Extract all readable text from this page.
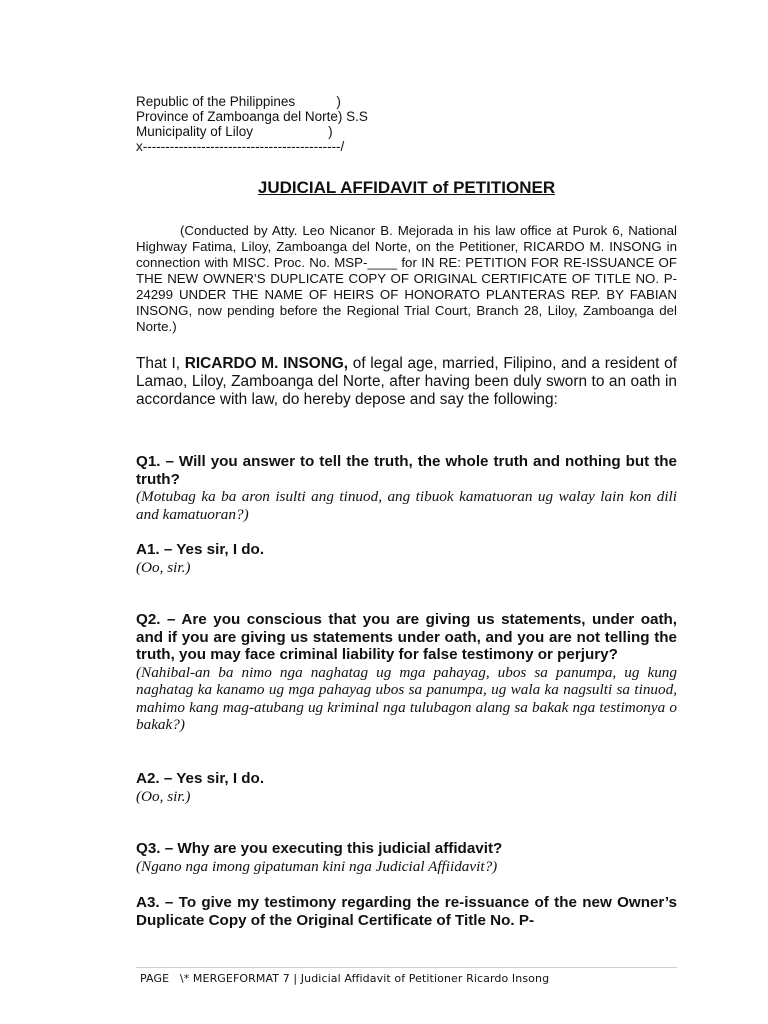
Republic of the Philippines           )
Province of Zamboanga del Norte) S.S
Municipality of Liloy                    )
x--------------------------------------------/
JUDICIAL AFFIDAVIT of PETITIONER
(Conducted by Atty. Leo Nicanor B. Mejorada in his law office at Purok 6, National Highway Fatima, Liloy, Zamboanga del Norte, on the Petitioner, RICARDO M. INSONG in connection with MISC. Proc. No. MSP-____ for IN RE: PETITION FOR RE-ISSUANCE OF THE NEW OWNER’S DUPLICATE COPY OF ORIGINAL CERTIFICATE OF TITLE NO. P-24299 UNDER THE NAME OF HEIRS OF HONORATO PLANTERAS REP. BY FABIAN INSONG, now pending before the Regional Trial Court, Branch 28, Liloy, Zamboanga del Norte.)
That I, RICARDO M. INSONG, of legal age, married, Filipino, and a resident of Lamao, Liloy, Zamboanga del Norte, after having been duly sworn to an oath in accordance with law, do hereby depose and say the following:
Q1. – Will you answer to tell the truth, the whole truth and nothing but the truth?
(Motubag ka ba aron isulti ang tinuod, ang tibuok kamatuoran ug walay lain kon dili and kamatuoran?)
A1. – Yes sir, I do.
(Oo, sir.)
Q2. – Are you conscious that you are giving us statements, under oath, and if you are giving us statements under oath, and you are not telling the truth, you may face criminal liability for false testimony or perjury?
(Nahibal-an ba nimo nga naghatag ug mga pahayag, ubos sa panumpa, ug kung naghatag ka kanamo ug mga pahayag ubos sa panumpa, ug wala ka nagsulti sa tinuod, mahimo kang mag-atubang ug kriminal nga tulubagon alang sa bakak nga testimonya o bakak?)
A2. – Yes sir, I do.
(Oo, sir.)
Q3. – Why are you executing this judicial affidavit?
(Ngano nga imong gipatuman kini nga Judicial Affiidavit?)
A3. – To give my testimony regarding the re-issuance of the new Owner’s Duplicate Copy of the Original Certificate of Title No. P-
PAGE   \* MERGEFORMAT 7 | Judicial Affidavit of Petitioner Ricardo Insong
